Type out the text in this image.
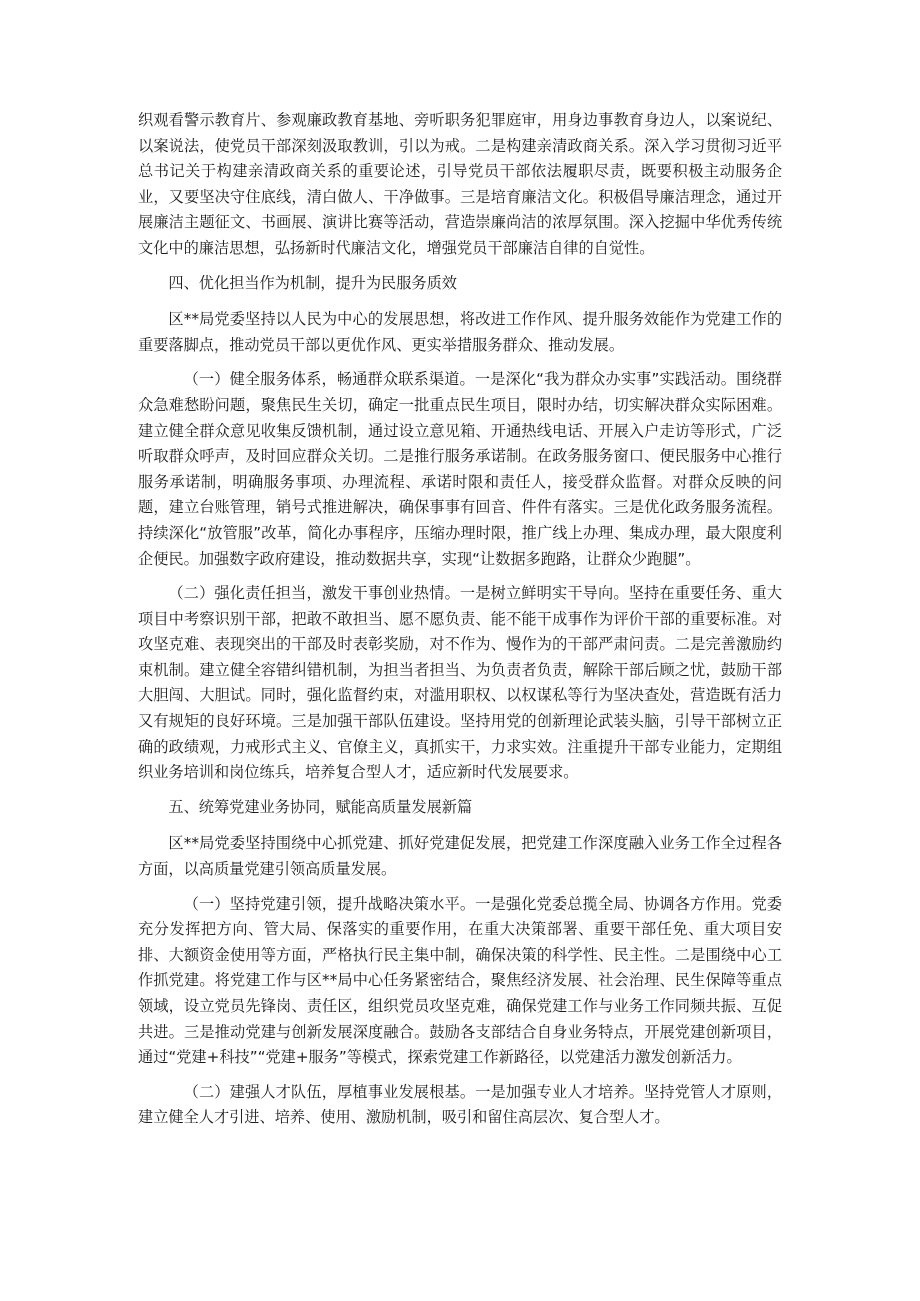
织观看警示教育片、参观廉政教育基地、旁听职务犯罪庭审，用身边事教育身边人，以案说纪、以案说法，使党员干部深刻汲取教训，引以为戒。二是构建亲清政商关系。深入学习贯彻习近平总书记关于构建亲清政商关系的重要论述，引导党员干部依法履职尽责，既要积极主动服务企业，又要坚决守住底线，清白做人、干净做事。三是培育廉洁文化。积极倡导廉洁理念，通过开展廉洁主题征文、书画展、演讲比赛等活动，营造崇廉尚洁的浓厚氛围。深入挖掘中华优秀传统文化中的廉洁思想，弘扬新时代廉洁文化，增强党员干部廉洁自律的自觉性。

四、优化担当作为机制，提升为民服务质效

区**局党委坚持以人民为中心的发展思想，将改进工作作风、提升服务效能作为党建工作的重要落脚点，推动党员干部以更优作风、更实举措服务群众、推动发展。

（一）健全服务体系，畅通群众联系渠道。一是深化“我为群众办实事”实践活动。围绕群众急难愁盼问题，聚焦民生关切，确定一批重点民生项目，限时办结，切实解决群众实际困难。建立健全群众意见收集反馈机制，通过设立意见箱、开通热线电话、开展入户走访等形式，广泛听取群众呼声，及时回应群众关切。二是推行服务承诺制。在政务服务窗口、便民服务中心推行服务承诺制，明确服务事项、办理流程、承诺时限和责任人，接受群众监督。对群众反映的问题，建立台账管理，销号式推进解决，确保事事有回音、件件有落实。三是优化政务服务流程。持续深化“放管服”改革，简化办事程序，压缩办理时限，推广线上办理、集成办理，最大限度利企便民。加强数字政府建设，推动数据共享，实现“让数据多跑路，让群众少跑腿”。

（二）强化责任担当，激发干事创业热情。一是树立鲜明实干导向。坚持在重要任务、重大项目中考察识别干部，把敢不敢担当、愿不愿负责、能不能干成事作为评价干部的重要标准。对攻坚克难、表现突出的干部及时表彰奖励，对不作为、慢作为的干部严肃问责。二是完善激励约束机制。建立健全容错纠错机制，为担当者担当、为负责者负责，解除干部后顾之忧，鼓励干部大胆闯、大胆试。同时，强化监督约束，对滥用职权、以权谋私等行为坚决查处，营造既有活力又有规矩的良好环境。三是加强干部队伍建设。坚持用党的创新理论武装头脑，引导干部树立正确的政绩观，力戒形式主义、官僚主义，真抓实干，力求实效。注重提升干部专业能力，定期组织业务培训和岗位练兵，培养复合型人才，适应新时代发展要求。

五、统筹党建业务协同，赋能高质量发展新篇

区**局党委坚持围绕中心抓党建、抓好党建促发展，把党建工作深度融入业务工作全过程各方面，以高质量党建引领高质量发展。

（一）坚持党建引领，提升战略决策水平。一是强化党委总揽全局、协调各方作用。党委充分发挥把方向、管大局、保落实的重要作用，在重大决策部署、重要干部任免、重大项目安排、大额资金使用等方面，严格执行民主集中制，确保决策的科学性、民主性。二是围绕中心工作抓党建。将党建工作与区**局中心任务紧密结合，聚焦经济发展、社会治理、民生保障等重点领域，设立党员先锋岗、责任区，组织党员攻坚克难，确保党建工作与业务工作同频共振、互促共进。三是推动党建与创新发展深度融合。鼓励各支部结合自身业务特点，开展党建创新项目，通过“党建+科技”“党建+服务”等模式，探索党建工作新路径，以党建活力激发创新活力。

（二）建强人才队伍，厚植事业发展根基。一是加强专业人才培养。坚持党管人才原则，建立健全人才引进、培养、使用、激励机制，吸引和留住高层次、复合型人才。
